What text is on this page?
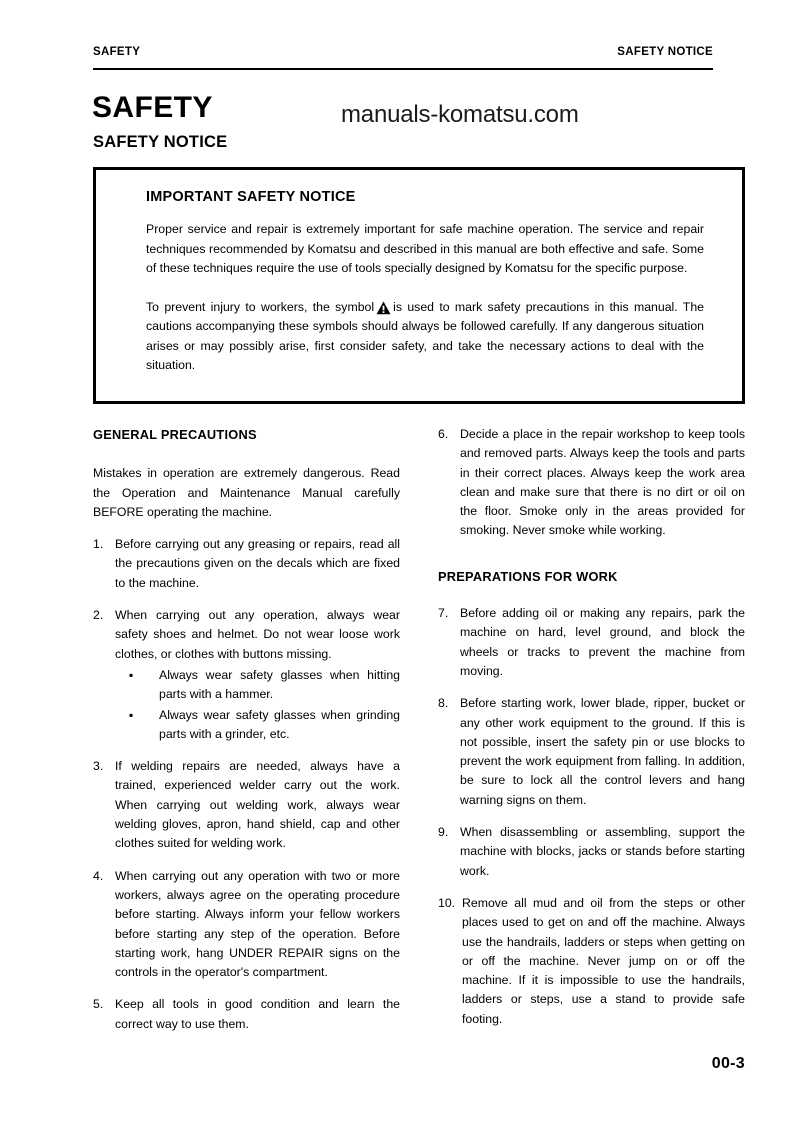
SAFETY	SAFETY NOTICE
SAFETY
SAFETY NOTICE
manuals-komatsu.com
IMPORTANT SAFETY NOTICE

Proper service and repair is extremely important for safe machine operation. The service and repair techniques recommended by Komatsu and described in this manual are both effective and safe. Some of these techniques require the use of tools specially designed by Komatsu for the specific purpose.

To prevent injury to workers, the symbol is used to mark safety precautions in this manual. The cautions accompanying these symbols should always be followed carefully. If any dangerous situation arises or may possibly arise, first consider safety, and take the necessary actions to deal with the situation.

GENERAL PRECAUTIONS

Mistakes in operation are extremely dangerous. Read the Operation and Maintenance Manual carefully BEFORE operating the machine.

1. Before carrying out any greasing or repairs, read all the precautions given on the decals which are fixed to the machine.
2. When carrying out any operation, always wear safety shoes and helmet. Do not wear loose work clothes, or clothes with buttons missing.
▪ Always wear safety glasses when hitting parts with a hammer.
▪ Always wear safety glasses when grinding parts with a grinder, etc.
3. If welding repairs are needed, always have a trained, experienced welder carry out the work. When carrying out welding work, always wear welding gloves, apron, hand shield, cap and other clothes suited for welding work.
4. When carrying out any operation with two or more workers, always agree on the operating procedure before starting. Always inform your fellow workers before starting any step of the operation. Before starting work, hang UNDER REPAIR signs on the controls in the operator's compartment.
5. Keep all tools in good condition and learn the correct way to use them.
6. Decide a place in the repair workshop to keep tools and removed parts. Always keep the tools and parts in their correct places. Always keep the work area clean and make sure that there is no dirt or oil on the floor. Smoke only in the areas provided for smoking. Never smoke while working.
PREPARATIONS FOR WORK
7. Before adding oil or making any repairs, park the machine on hard, level ground, and block the wheels or tracks to prevent the machine from moving.
8. Before starting work, lower blade, ripper, bucket or any other work equipment to the ground. If this is not possible, insert the safety pin or use blocks to prevent the work equipment from falling. In addition, be sure to lock all the control levers and hang warning signs on them.
9. When disassembling or assembling, support the machine with blocks, jacks or stands before starting work.
10. Remove all mud and oil from the steps or other places used to get on and off the machine. Always use the handrails, ladders or steps when getting on or off the machine. Never jump on or off the machine. If it is impossible to use the handrails, ladders or steps, use a stand to provide safe footing.
00-3
